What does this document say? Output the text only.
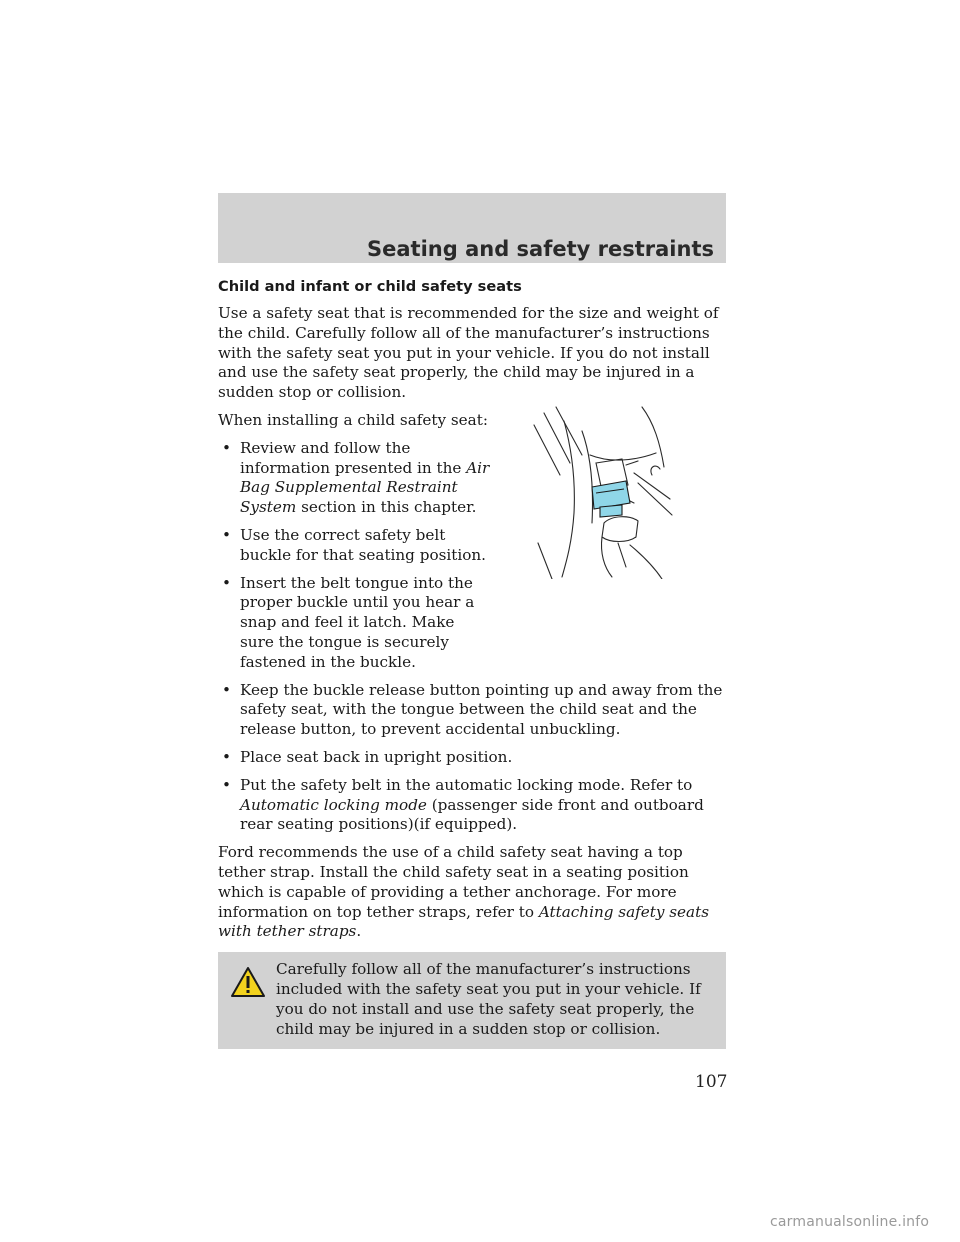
Seating and safety restraints
Child and infant or child safety seats

Use a safety seat that is recommended for the size and weight of the child. Carefully follow all of the manufacturer’s instructions with the safety seat you put in your vehicle. If you do not install and use the safety seat properly, the child may be injured in a sudden stop or collision.

When installing a child safety seat:

• Review and follow the information presented in the Air Bag Supplemental Restraint System section in this chapter.
• Use the correct safety belt buckle for that seating position.
• Insert the belt tongue into the proper buckle until you hear a snap and feel it latch. Make sure the tongue is securely fastened in the buckle.
• Keep the buckle release button pointing up and away from the safety seat, with the tongue between the child seat and the release button, to prevent accidental unbuckling.
• Place seat back in upright position.
• Put the safety belt in the automatic locking mode. Refer to Automatic locking mode (passenger side front and outboard rear seating positions)(if equipped).

Ford recommends the use of a child safety seat having a top tether strap. Install the child safety seat in a seating position which is capable of providing a tether anchorage. For more information on top tether straps, refer to Attaching safety seats with tether straps.

Carefully follow all of the manufacturer’s instructions included with the safety seat you put in your vehicle. If you do not install and use the safety seat properly, the child may be injured in a sudden stop or collision.
107
carmanualsonline.info
